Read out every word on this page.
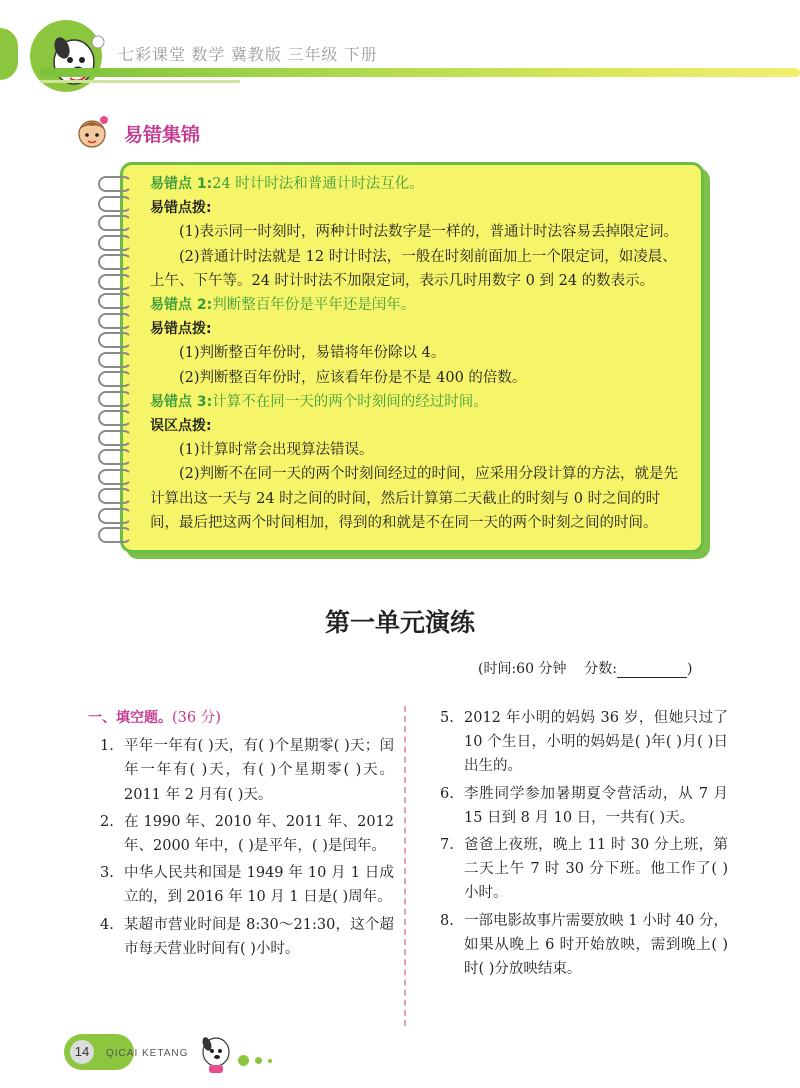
七彩课堂 数学 冀教版 三年级 下册
易错集锦

易错点 1:24 时计时法和普通计时法互化。

易错点拨:

(1)表示同一时刻时，两种计时法数字是一样的，普通计时法容易丢掉限定词。

(2)普通计时法就是 12 时计时法，一般在时刻前面加上一个限定词，如凌晨、上午、下午等。24 时计时法不加限定词，表示几时用数字 0 到 24 的数表示。

易错点 2:判断整百年份是平年还是闰年。

易错点拨:

(1)判断整百年份时，易错将年份除以 4。

(2)判断整百年份时，应该看年份是不是 400 的倍数。

易错点 3:计算不在同一天的两个时刻间的经过时间。

误区点拨:

(1)计算时常会出现算法错误。

(2)判断不在同一天的两个时刻间经过的时间，应采用分段计算的方法，就是先计算出这一天与 24 时之间的时间，然后计算第二天截止的时刻与 0 时之间的时间，最后把这两个时间相加，得到的和就是不在同一天的两个时刻之间的时间。

第一单元演练
(时间:60 分钟 分数:	)
一、填空题。(36 分)
1. 平年一年有( )天，有( )个星期零( )天；闰年一年有( )天，有( )个星期零( )天。2011 年 2 月有( )天。
2. 在 1990 年、2010 年、2011 年、2012 年、2000 年中，( )是平年，( )是闰年。
3. 中华人民共和国是 1949 年 10 月 1 日成立的，到 2016 年 10 月 1 日是( )周年。
4. 某超市营业时间是 8:30～21:30，这个超市每天营业时间有( )小时。
5. 2012 年小明的妈妈 36 岁，但她只过了 10 个生日，小明的妈妈是( )年( )月( )日出生的。
6. 李胜同学参加暑期夏令营活动，从 7 月 15 日到 8 月 10 日，一共有( )天。
7. 爸爸上夜班，晚上 11 时 30 分上班，第二天上午 7 时 30 分下班。他工作了( )小时。
8. 一部电影故事片需要放映 1 小时 40 分，如果从晚上 6 时开始放映，需到晚上( )时( )分放映结束。
14	QICAI KETANG
